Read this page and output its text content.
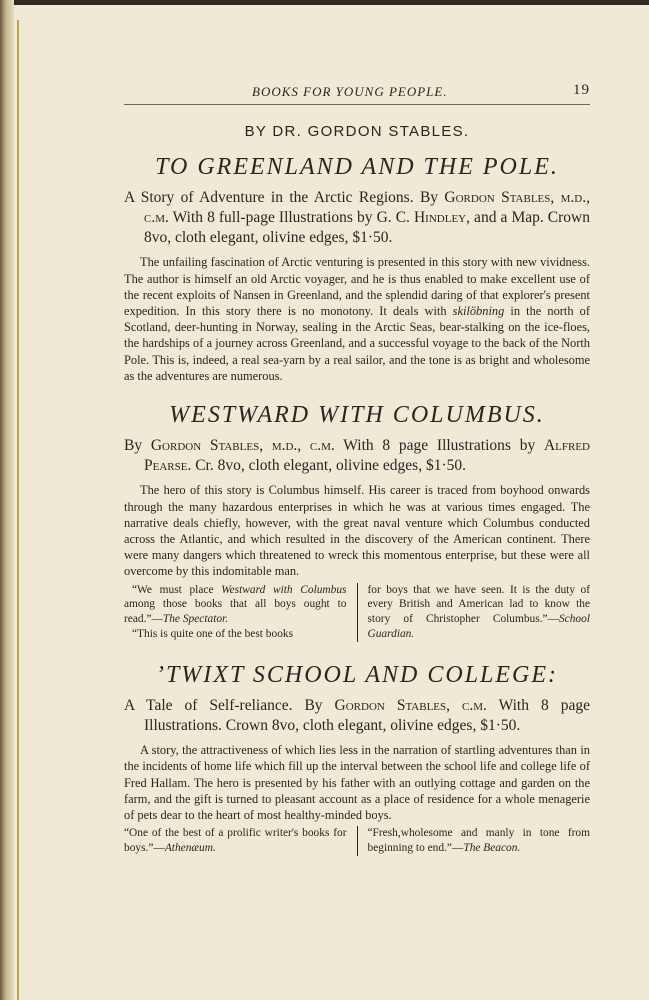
BOOKS FOR YOUNG PEOPLE.	19
BY DR. GORDON STABLES.
TO GREENLAND AND THE POLE.
A Story of Adventure in the Arctic Regions. By Gordon Stables, m.d., c.m. With 8 full-page Illustrations by G. C. Hindley, and a Map. Crown 8vo, cloth elegant, olivine edges, $1·50.
The unfailing fascination of Arctic venturing is presented in this story with new vividness. The author is himself an old Arctic voyager, and he is thus enabled to make excellent use of the recent exploits of Nansen in Greenland, and the splendid daring of that explorer's present expedition. In this story there is no monotony. It deals with skilöbning in the north of Scotland, deer-hunting in Norway, sealing in the Arctic Seas, bear-stalking on the ice-floes, the hardships of a journey across Greenland, and a successful voyage to the back of the North Pole. This is, indeed, a real sea-yarn by a real sailor, and the tone is as bright and wholesome as the adventures are numerous.
WESTWARD WITH COLUMBUS.
By Gordon Stables, m.d., c.m. With 8 page Illustrations by Alfred Pearse. Cr. 8vo, cloth elegant, olivine edges, $1·50.
The hero of this story is Columbus himself. His career is traced from boyhood onwards through the many hazardous enterprises in which he was at various times engaged. The narrative deals chiefly, however, with the great naval venture which Columbus conducted across the Atlantic, and which resulted in the discovery of the American continent. There were many dangers which threatened to wreck this momentous enterprise, but these were all overcome by this indomitable man.
“We must place Westward with Columbus among those books that all boys ought to read.”—The Spectator.
“This is quite one of the best books
for boys that we have seen. It is the duty of every British and American lad to know the story of Christopher Columbus.”—School Guardian.
’TWIXT SCHOOL AND COLLEGE:
A Tale of Self-reliance. By Gordon Stables, c.m. With 8 page Illustrations. Crown 8vo, cloth elegant, olivine edges, $1·50.
A story, the attractiveness of which lies less in the narration of startling adventures than in the incidents of home life which fill up the interval between the school life and college life of Fred Hallam. The hero is presented by his father with an outlying cottage and garden on the farm, and the gift is turned to pleasant account as a place of residence for a whole menagerie of pets dear to the heart of most healthy-minded boys.
“One of the best of a prolific writer's books for boys.”—Athenæum.
“Fresh,wholesome and manly in tone from beginning to end.”—The Beacon.
